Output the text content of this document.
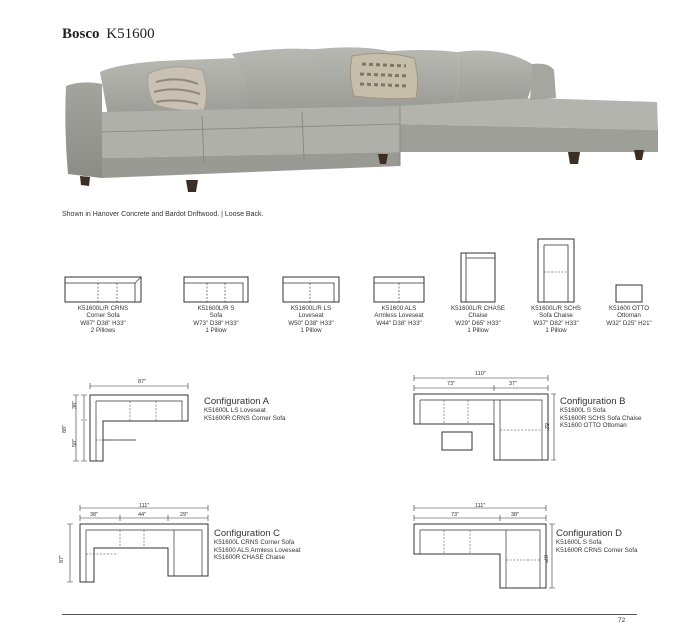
Bosco K51600
Shown in Hanover Concrete and Bardot Driftwood. | Loose Back.
K51600L/R CRNS
Corner Sofa
W87" D38" H33"
2 Pillows
K51600L/R S
Sofa
W73" D38" H33"
1 Pillow
K51600L/R LS
Loveseat
W50" D38" H33"
1 Pillow
K51600 ALS
Armless Loveseat
W44" D38" H33"
K51600L/R CHASE
Chaise
W29" D65" H33"
1 Pillow
K51600L/R SCHS
Sofa Chaise
W37" D82" H33"
1 Pillow
K51600 OTTO
Ottoman
W32" D25" H21"
87"
88"
38"
50"
Configuration A
K51600L LS Loveseat
K51600R CRNS Corner Sofa
110"
73"	37"
82"
Configuration B
K51600L S Sofa
K51600R SCHS Sofa Chaise
K51600 OTTO Ottoman
111"
38"	44"	29"
87"
Configuration C
K51600L CRNS Corner Sofa
K51600 ALS Armless Loveseat
K51600R CHASE Chaise
111"
73"	38"
87"
Configuration D
K51600L S Sofa
K51600R CRNS Corner Sofa
72
